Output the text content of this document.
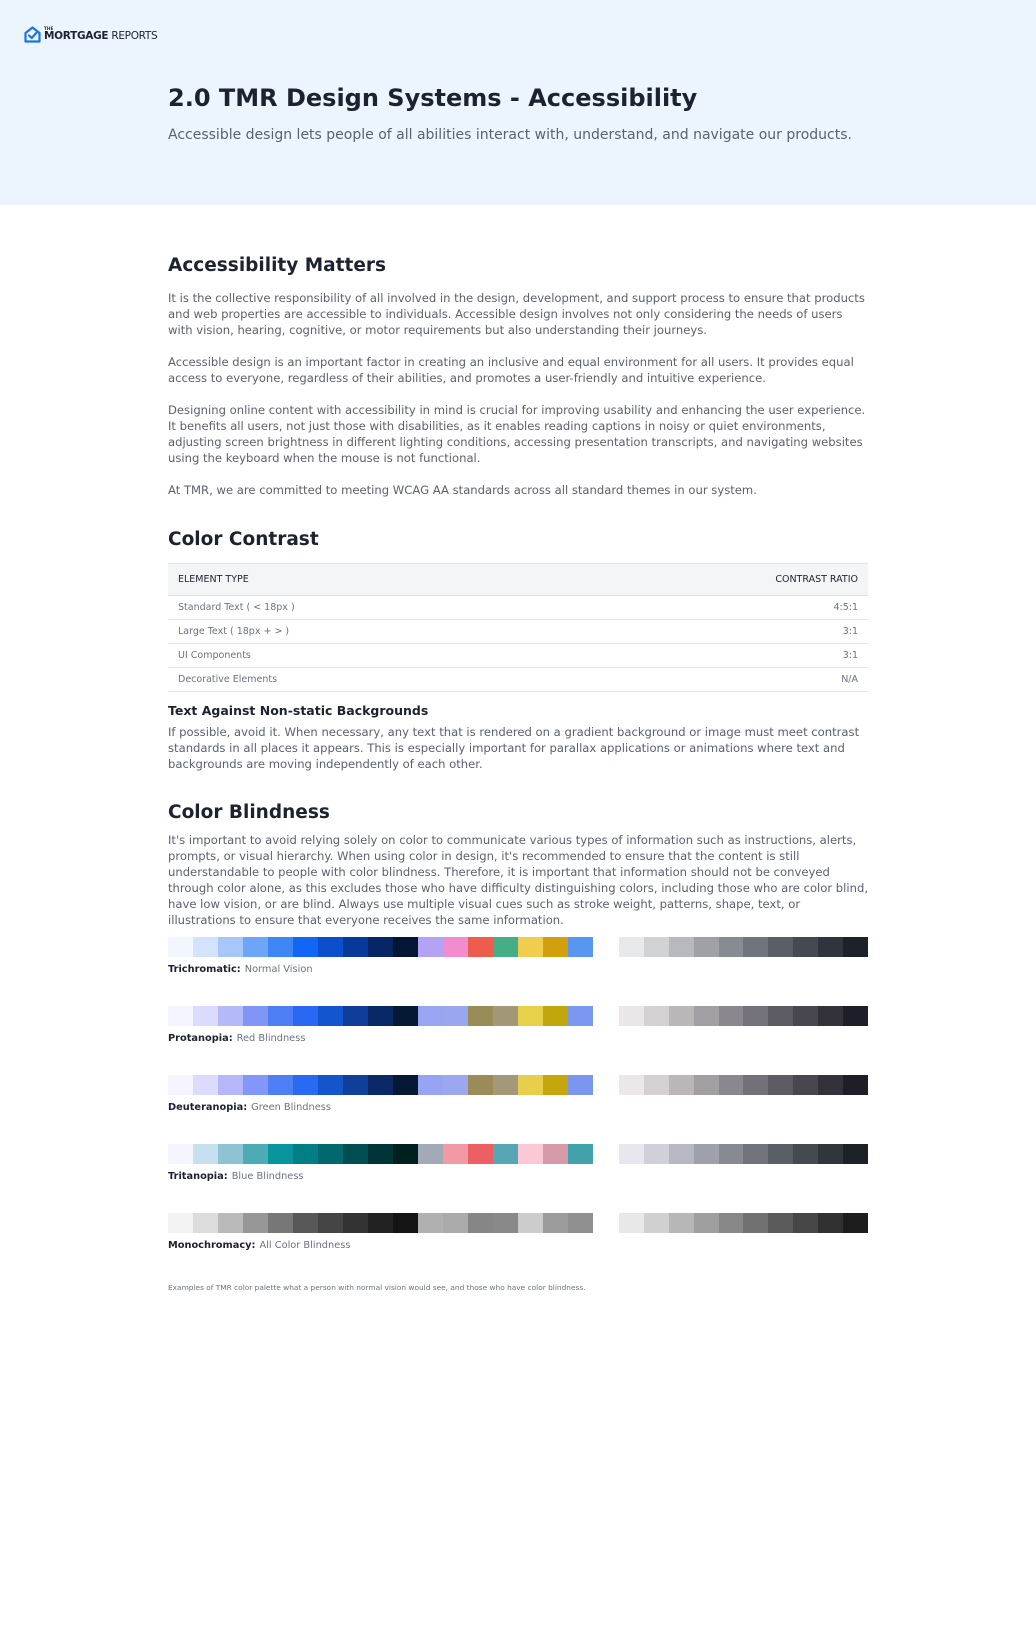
THE
MORTGAGE REPORTS
2.0 TMR Design Systems - Accessibility
Accessible design lets people of all abilities interact with, understand, and navigate our products.
Accessibility Matters

It is the collective responsibility of all involved in the design, development, and support process to ensure that products and web properties are accessible to individuals. Accessible design involves not only considering the needs of users with vision, hearing, cognitive, or motor requirements but also understanding their journeys.

Accessible design is an important factor in creating an inclusive and equal environment for all users. It provides equal access to everyone, regardless of their abilities, and promotes a user-friendly and intuitive experience.

Designing online content with accessibility in mind is crucial for improving usability and enhancing the user experience. It benefits all users, not just those with disabilities, as it enables reading captions in noisy or quiet environments, adjusting screen brightness in different lighting conditions, accessing presentation transcripts, and navigating websites using the keyboard when the mouse is not functional.

At TMR, we are committed to meeting WCAG AA standards across all standard themes in our system.

Color Contrast
ELEMENT TYPE	CONTRAST RATIO
Standard Text ( < 18px )	4:5:1
Large Text ( 18px + > )	3:1
UI Components	3:1
Decorative Elements	N/A
Text Against Non-static Backgrounds

If possible, avoid it. When necessary, any text that is rendered on a gradient background or image must meet contrast standards in all places it appears. This is especially important for parallax applications or animations where text and backgrounds are moving independently of each other.

Color Blindness

It's important to avoid relying solely on color to communicate various types of information such as instructions, alerts, prompts, or visual hierarchy. When using color in design, it's recommended to ensure that the content is still understandable to people with color blindness. Therefore, it is important that information should not be conveyed through color alone, as this excludes those who have difficulty distinguishing colors, including those who are color blind, have low vision, or are blind. Always use multiple visual cues such as stroke weight, patterns, shape, text, or illustrations to ensure that everyone receives the same information.

Trichromatic: Normal Vision
Protanopia: Red Blindness
Deuteranopia: Green Blindness
Tritanopia: Blue Blindness
Monochromacy: All Color Blindness

Examples of TMR color palette what a person with normal vision would see, and those who have color blindness.
